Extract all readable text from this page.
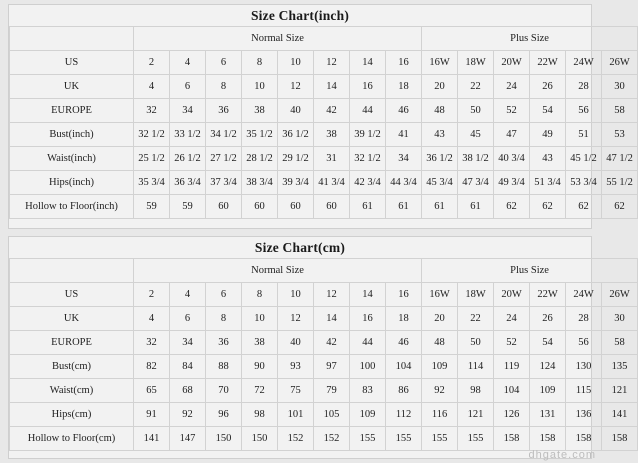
Size Chart(inch)
	Normal Size								Plus Size					
US	2	4	6	8	10	12	14	16	16W	18W	20W	22W	24W	26W
UK	4	6	8	10	12	14	16	18	20	22	24	26	28	30
EUROPE	32	34	36	38	40	42	44	46	48	50	52	54	56	58
Bust(inch)	32 1/2	33 1/2	34 1/2	35 1/2	36 1/2	38	39 1/2	41	43	45	47	49	51	53
Waist(inch)	25 1/2	26 1/2	27 1/2	28 1/2	29 1/2	31	32 1/2	34	36 1/2	38 1/2	40 3/4	43	45 1/2	47 1/2
Hips(inch)	35 3/4	36 3/4	37 3/4	38 3/4	39 3/4	41 3/4	42 3/4	44 3/4	45 3/4	47 3/4	49 3/4	51 3/4	53 3/4	55 1/2
Hollow to Floor(inch)	59	59	60	60	60	60	61	61	61	61	62	62	62	62
Size Chart(cm)
	Normal Size								Plus Size					
US	2	4	6	8	10	12	14	16	16W	18W	20W	22W	24W	26W
UK	4	6	8	10	12	14	16	18	20	22	24	26	28	30
EUROPE	32	34	36	38	40	42	44	46	48	50	52	54	56	58
Bust(cm)	82	84	88	90	93	97	100	104	109	114	119	124	130	135
Waist(cm)	65	68	70	72	75	79	83	86	92	98	104	109	115	121
Hips(cm)	91	92	96	98	101	105	109	112	116	121	126	131	136	141
Hollow to Floor(cm)	141	147	150	150	152	152	155	155	155	155	158	158	158	158
dhgate.com
